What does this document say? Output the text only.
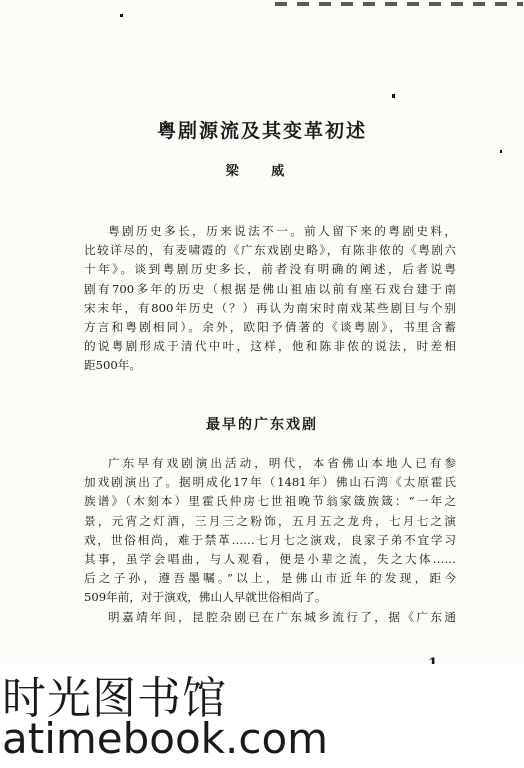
粤剧源流及其变革初述
梁 威
粤剧历史多长，历来说法不一。前人留下来的粤剧史料，
比较详尽的，有麦啸霞的《广东戏剧史略》，有陈非侬的《粤剧六
十年》。谈到粤剧历史多长，前者没有明确的阐述，后者说粤
剧有700多年的历史（根据是佛山祖庙以前有座石戏台建于南
宋末年，有800年历史（？）再认为南宋时南戏某些剧目与个别
方言和粤剧相同）。余外，欧阳予倩著的《谈粤剧》，书里含蓄
的说粤剧形成于清代中叶，这样，他和陈非侬的说法，时差相
距500年。
最早的广东戏剧
广东早有戏剧演出活动，明代，本省佛山本地人已有参
加戏剧演出了。据明成化17年（1481年）佛山石湾《太原霍氏
族谱》（木刻本）里霍氏仲房七世祖晚节翁家箴族箴：“一年之
景，元宵之灯酒，三月三之粉饰，五月五之龙舟，七月七之演
戏，世俗相尚，难于禁革……七月七之演戏，良家子弟不宜学习
其事，虽学会唱曲，与人观看，便是小辈之流，失之大体……
后之子孙，遵吾墨嘱。”以上，是佛山市近年的发现，距今
509年前，对于演戏，佛山人早就世俗相尚了。
明嘉靖年间，昆腔杂剧已在广东城乡流行了，据《广东通
时光图书馆
atimebook.com
